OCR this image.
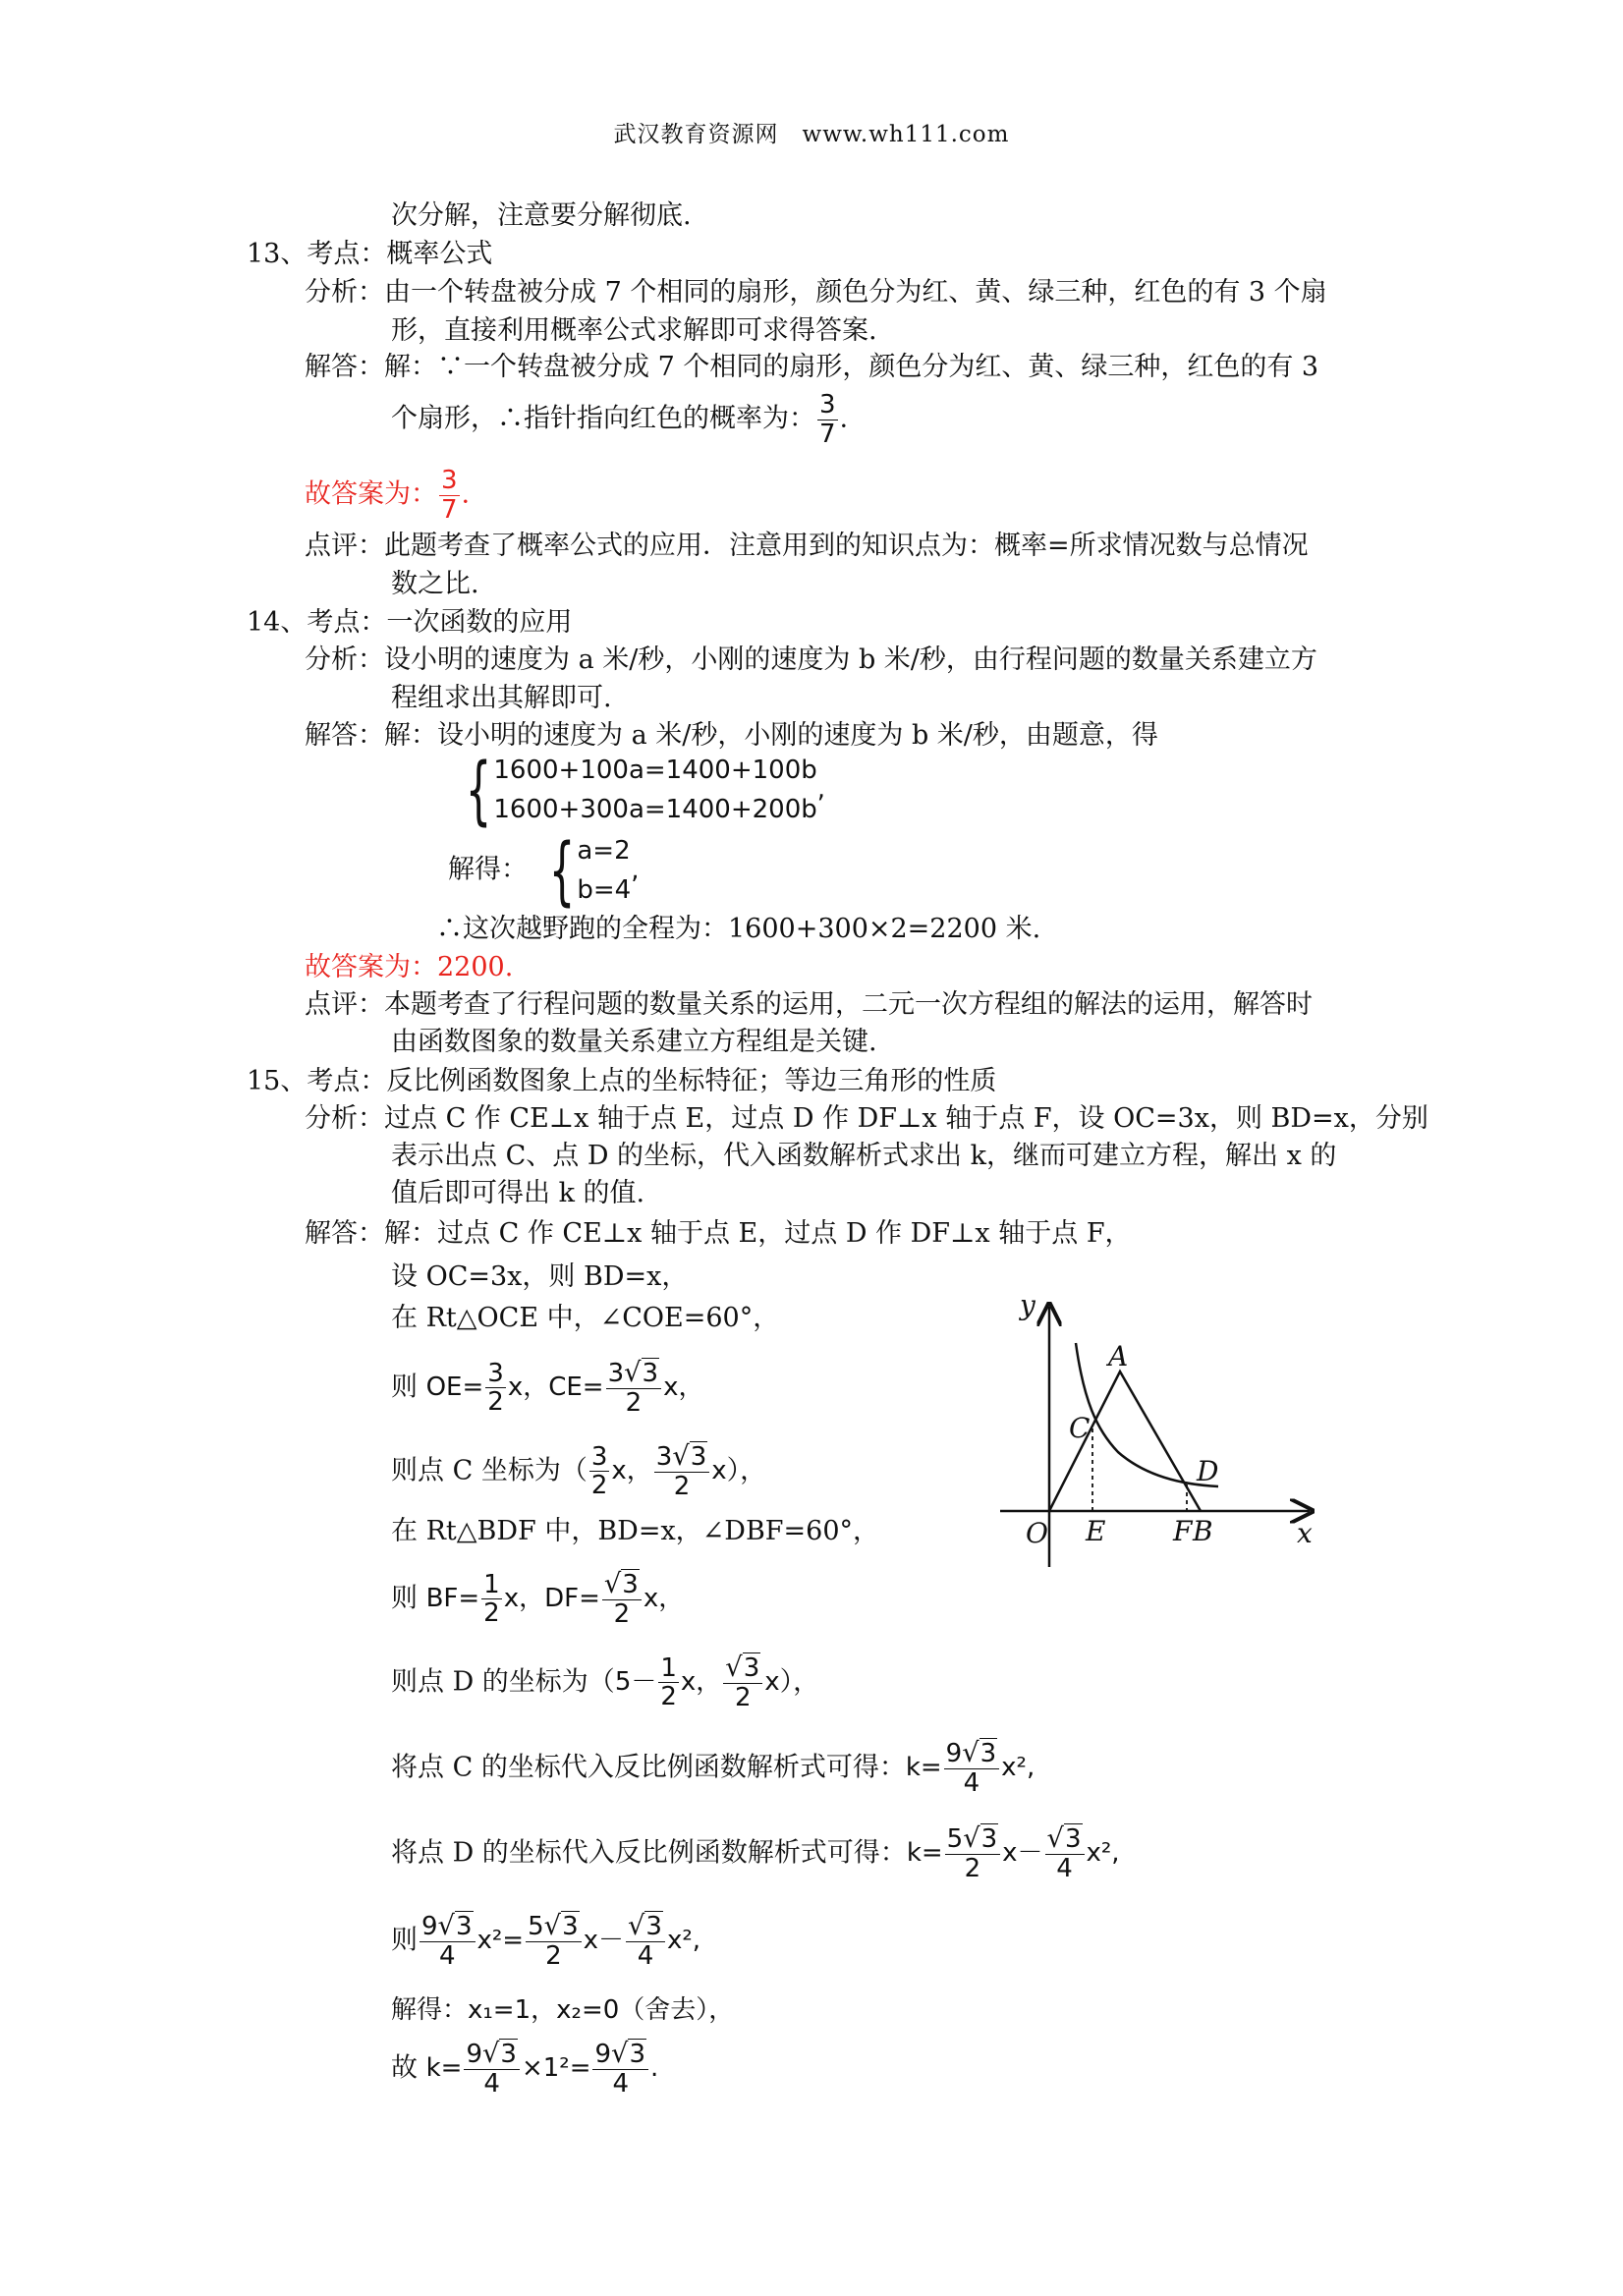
武汉教育资源网　www.wh111.com
次分解，注意要分解彻底.
13、考点：概率公式
分析：由一个转盘被分成 7 个相同的扇形，颜色分为红、黄、绿三种，红色的有 3 个扇
形，直接利用概率公式求解即可求得答案.
解答：解：∵一个转盘被分成 7 个相同的扇形，颜色分为红、黄、绿三种，红色的有 3
个扇形，∴指针指向红色的概率为： $\frac{3}{7}$ .
故答案为： $\frac{3}{7}$ .
点评：此题考查了概率公式的应用．注意用到的知识点为：概率=所求情况数与总情况
数之比.
14、考点：一次函数的应用
分析：设小明的速度为 a 米/秒，小刚的速度为 b 米/秒，由行程问题的数量关系建立方
程组求出其解即可.
解答：解：设小明的速度为 a 米/秒，小刚的速度为 b 米/秒，由题意，得
{1600+100a=1400+100b
1600+300a=1400+200b,
解得： {a=2
b=4,
∴这次越野跑的全程为：1600+300×2=2200 米.
故答案为：2200.
点评：本题考查了行程问题的数量关系的运用，二元一次方程组的解法的运用，解答时
由函数图象的数量关系建立方程组是关键.
15、考点：反比例函数图象上点的坐标特征；等边三角形的性质
分析：过点 C 作 CE⊥x 轴于点 E，过点 D 作 DF⊥x 轴于点 F，设 OC=3x，则 BD=x，分别
表示出点 C、点 D 的坐标，代入函数解析式求出 k，继而可建立方程，解出 x 的
值后即可得出 k 的值.
解答：解：过点 C 作 CE⊥x 轴于点 E，过点 D 作 DF⊥x 轴于点 F，
设 OC=3x，则 BD=x，
在 Rt△OCE 中，∠COE=60°，
则 $OE= \frac{3}{2}$ x，$CE= \frac{3√3}{2}$ x，
则点 C 坐标为（ $\frac{3}{2}$ x， $\frac{3√3}{2} x$），
在 Rt△BDF 中，BD=x，∠DBF=60°，
则 $BF= \frac{1}{2}$ x，$DF= \frac{√3}{2}$ x，
则点 D 的坐标为（$5- \frac{1}{2}$ x， $\frac{√3}{2} x$），
将点 C 的坐标代入反比例函数解析式可得：$k= \frac{9√3}{4} x^2$,
将点 D 的坐标代入反比例函数解析式可得：$k= \frac{5√3}{2} x- \frac{√3}{4} x^2$,
则 $\frac{9√3}{4} x^2= \frac{5√3}{2} x- \frac{√3}{4} x^2$,
解得：x₁=1，x₂=0（舍去），
故 $k= \frac{9√3}{4} \times 1^2= \frac{9√3}{4}$ .
y
x
O
A
C
D
E F B
